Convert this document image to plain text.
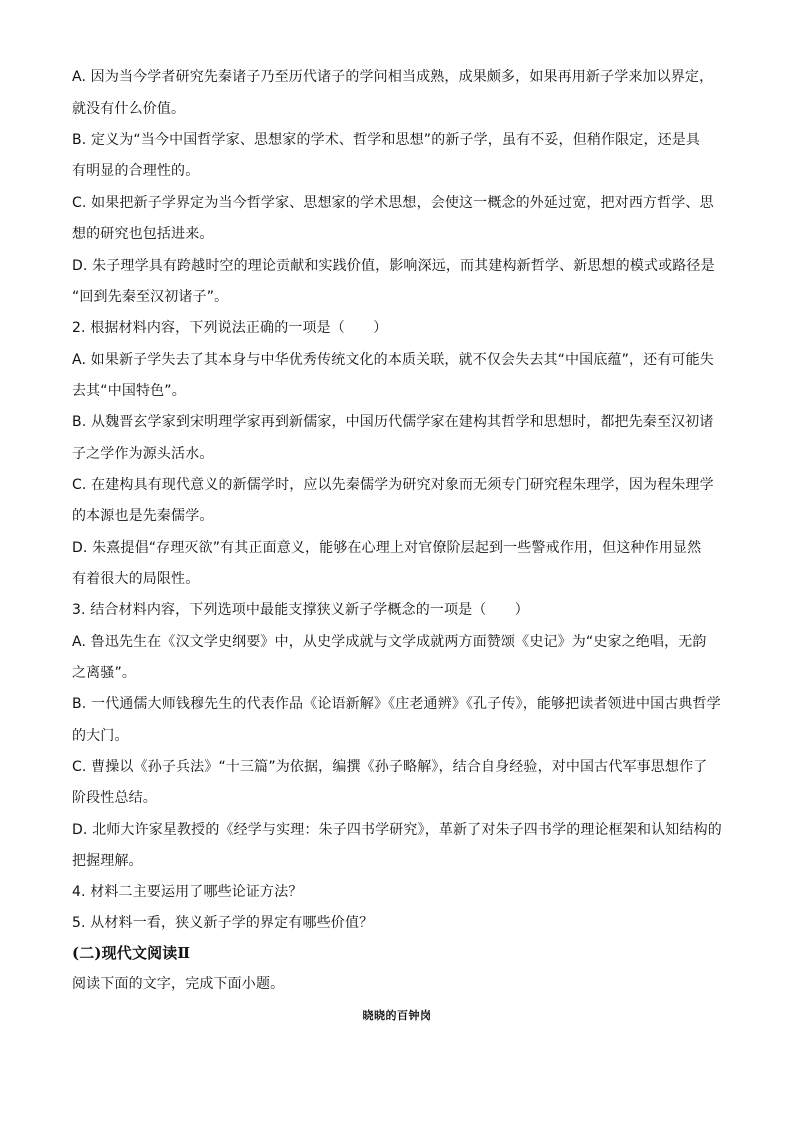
A. 因为当今学者研究先秦诸子乃至历代诸子的学问相当成熟，成果颇多，如果再用新子学来加以界定，
就没有什么价值。
B. 定义为“当今中国哲学家、思想家的学术、哲学和思想”的新子学，虽有不妥，但稍作限定，还是具
有明显的合理性的。
C. 如果把新子学界定为当今哲学家、思想家的学术思想，会使这一概念的外延过宽，把对西方哲学、思
想的研究也包括进来。
D. 朱子理学具有跨越时空的理论贡献和实践价值，影响深远，而其建构新哲学、新思想的模式或路径是
“回到先秦至汉初诸子”。
2. 根据材料内容，下列说法正确的一项是（　　）
A. 如果新子学失去了其本身与中华优秀传统文化的本质关联，就不仅会失去其“中国底蕴”，还有可能失
去其“中国特色”。
B. 从魏晋玄学家到宋明理学家再到新儒家，中国历代儒学家在建构其哲学和思想时，都把先秦至汉初诸
子之学作为源头活水。
C. 在建构具有现代意义的新儒学时，应以先秦儒学为研究对象而无须专门研究程朱理学，因为程朱理学
的本源也是先秦儒学。
D. 朱熹提倡“存理灭欲”有其正面意义，能够在心理上对官僚阶层起到一些警戒作用，但这种作用显然
有着很大的局限性。
3. 结合材料内容，下列选项中最能支撑狭义新子学概念的一项是（　　）
A. 鲁迅先生在《汉文学史纲要》中，从史学成就与文学成就两方面赞颂《史记》为“史家之绝唱，无韵
之离骚”。
B. 一代通儒大师钱穆先生的代表作品《论语新解》《庄老通辨》《孔子传》，能够把读者领进中国古典哲学
的大门。
C. 曹操以《孙子兵法》“十三篇”为依据，编撰《孙子略解》，结合自身经验，对中国古代军事思想作了
阶段性总结。
D. 北师大许家星教授的《经学与实理：朱子四书学研究》，革新了对朱子四书学的理论框架和认知结构的
把握理解。
4. 材料二主要运用了哪些论证方法？
5. 从材料一看，狭义新子学的界定有哪些价值？
(二)现代文阅读Ⅱ
阅读下面的文字，完成下面小题。
晓晓的百钟岗
